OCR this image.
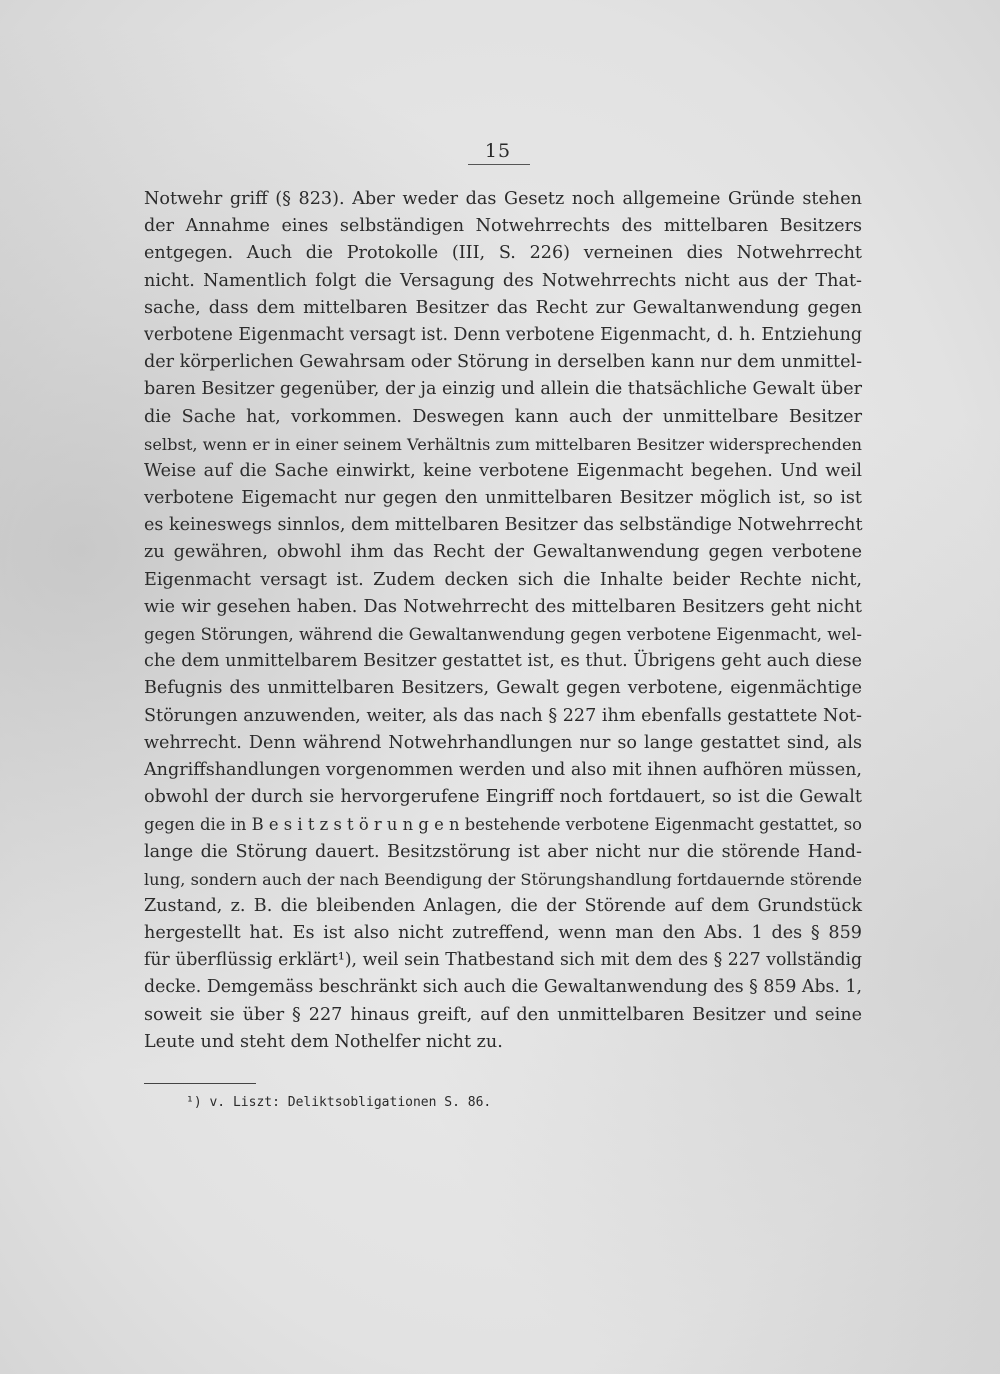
15
Notwehr griff (§ 823). Aber weder das Gesetz noch allgemeine Gründe stehen
der Annahme eines selbständigen Notwehrrechts des mittelbaren Besitzers
entgegen. Auch die Protokolle (III, S. 226) verneinen dies Notwehrrecht
nicht. Namentlich folgt die Versagung des Notwehrrechts nicht aus der That-
sache, dass dem mittelbaren Besitzer das Recht zur Gewaltanwendung gegen
verbotene Eigenmacht versagt ist. Denn verbotene Eigenmacht, d. h. Entziehung
der körperlichen Gewahrsam oder Störung in derselben kann nur dem unmittel-
baren Besitzer gegenüber, der ja einzig und allein die thatsächliche Gewalt über
die Sache hat, vorkommen. Deswegen kann auch der unmittelbare Besitzer
selbst, wenn er in einer seinem Verhältnis zum mittelbaren Besitzer widersprechenden
Weise auf die Sache einwirkt, keine verbotene Eigenmacht begehen. Und weil
verbotene Eigemacht nur gegen den unmittelbaren Besitzer möglich ist, so ist
es keineswegs sinnlos, dem mittelbaren Besitzer das selbständige Notwehrrecht
zu gewähren, obwohl ihm das Recht der Gewaltanwendung gegen verbotene
Eigenmacht versagt ist. Zudem decken sich die Inhalte beider Rechte nicht,
wie wir gesehen haben. Das Notwehrrecht des mittelbaren Besitzers geht nicht
gegen Störungen, während die Gewaltanwendung gegen verbotene Eigenmacht, wel-
che dem unmittelbarem Besitzer gestattet ist, es thut. Übrigens geht auch diese
Befugnis des unmittelbaren Besitzers, Gewalt gegen verbotene, eigenmächtige
Störungen anzuwenden, weiter, als das nach § 227 ihm ebenfalls gestattete Not-
wehrrecht. Denn während Notwehrhandlungen nur so lange gestattet sind, als
Angriffshandlungen vorgenommen werden und also mit ihnen aufhören müssen,
obwohl der durch sie hervorgerufene Eingriff noch fortdauert, so ist die Gewalt
gegen die in B e s i t z s t ö r u n g e n bestehende verbotene Eigenmacht gestattet, so
lange die Störung dauert. Besitzstörung ist aber nicht nur die störende Hand-
lung, sondern auch der nach Beendigung der Störungshandlung fortdauernde störende
Zustand, z. B. die bleibenden Anlagen, die der Störende auf dem Grundstück
hergestellt hat. Es ist also nicht zutreffend, wenn man den Abs. 1 des § 859
für überflüssig erklärt¹), weil sein Thatbestand sich mit dem des § 227 vollständig
decke. Demgemäss beschränkt sich auch die Gewaltanwendung des § 859 Abs. 1,
soweit sie über § 227 hinaus greift, auf den unmittelbaren Besitzer und seine
Leute und steht dem Nothelfer nicht zu.
¹) v. Liszt: Deliktsobligationen S. 86.
